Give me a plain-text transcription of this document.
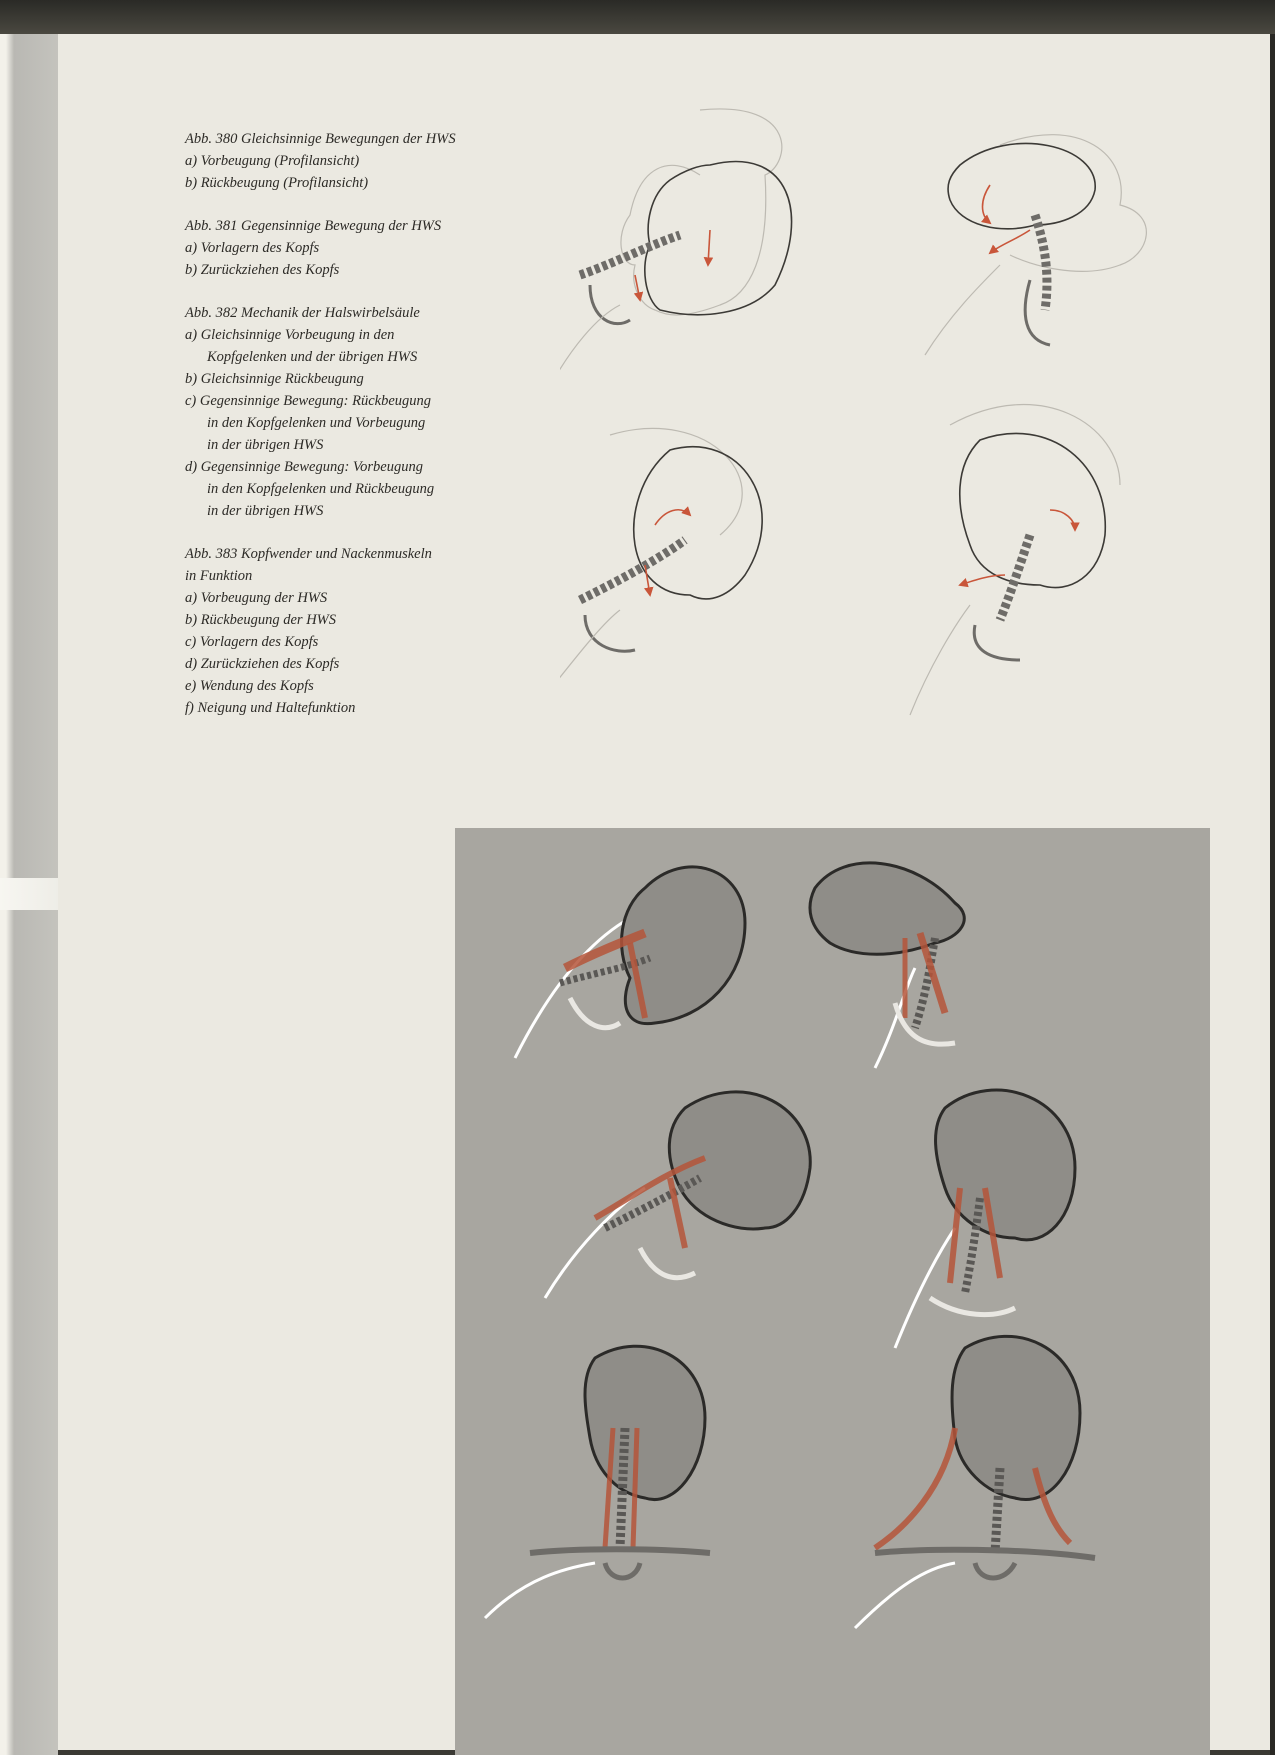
Abb. 380 Gleichsinnige Bewegungen der HWS
a) Vorbeugung (Profilansicht)
b) Rückbeugung (Profilansicht)
Abb. 381 Gegensinnige Bewegung der HWS
a) Vorlagern des Kopfs
b) Zurückziehen des Kopfs
Abb. 382 Mechanik der Halswirbelsäule
a) Gleichsinnige Vorbeugung in den
Kopfgelenken und der übrigen HWS
b) Gleichsinnige Rückbeugung
c) Gegensinnige Bewegung: Rückbeugung
in den Kopfgelenken und Vorbeugung
in der übrigen HWS
d) Gegensinnige Bewegung: Vorbeugung
in den Kopfgelenken und Rückbeugung
in der übrigen HWS
Abb. 383 Kopfwender und Nackenmuskeln
in Funktion
a) Vorbeugung der HWS
b) Rückbeugung der HWS
c) Vorlagern des Kopfs
d) Zurückziehen des Kopfs
e) Wendung des Kopfs
f) Neigung und Haltefunktion
